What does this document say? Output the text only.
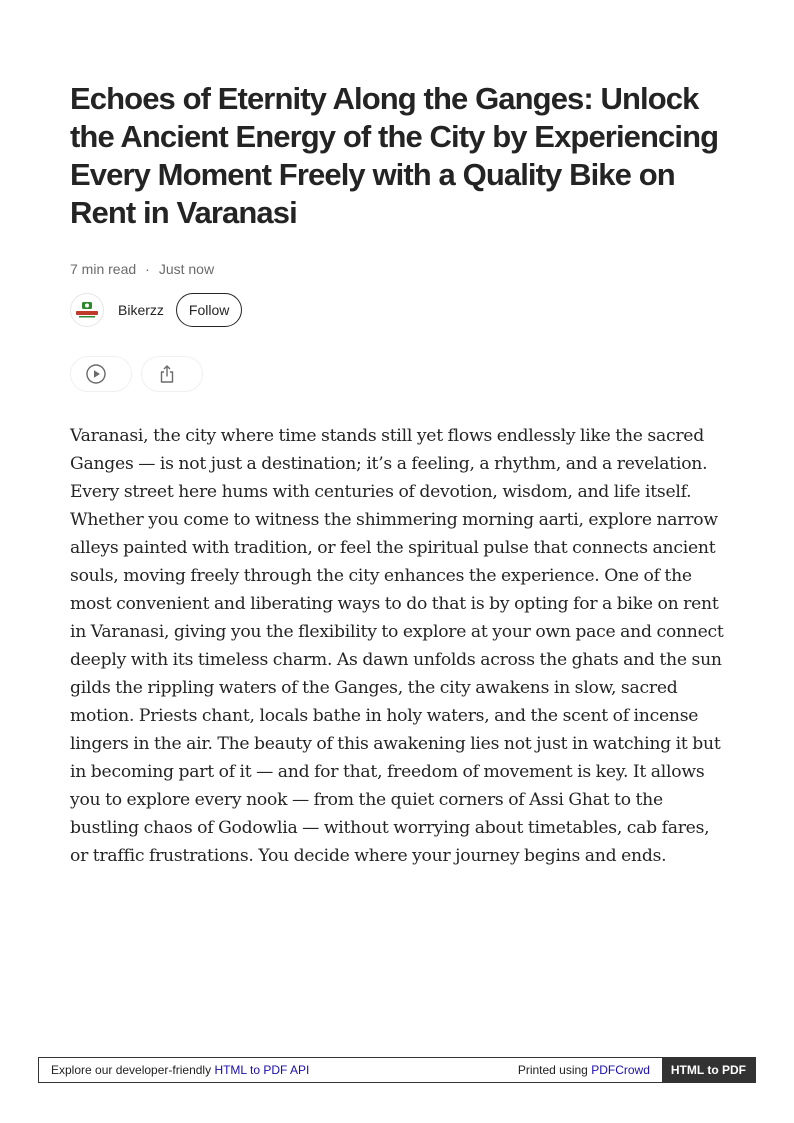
Echoes of Eternity Along the Ganges: Unlock the Ancient Energy of the City by Experiencing Every Moment Freely with a Quality Bike on Rent in Varanasi
7 min read · Just now
Bikerzz	Follow

Varanasi, the city where time stands still yet flows endlessly like the sacred Ganges — is not just a destination; it’s a feeling, a rhythm, and a revelation. Every street here hums with centuries of devotion, wisdom, and life itself. Whether you come to witness the shimmering morning aarti, explore narrow alleys painted with tradition, or feel the spiritual pulse that connects ancient souls, moving freely through the city enhances the experience. One of the most convenient and liberating ways to do that is by opting for a bike on rent in Varanasi, giving you the flexibility to explore at your own pace and connect deeply with its timeless charm. As dawn unfolds across the ghats and the sun gilds the rippling waters of the Ganges, the city awakens in slow, sacred motion. Priests chant, locals bathe in holy waters, and the scent of incense lingers in the air. The beauty of this awakening lies not just in watching it but in becoming part of it — and for that, freedom of movement is key. It allows you to explore every nook — from the quiet corners of Assi Ghat to the bustling chaos of Godowlia — without worrying about timetables, cab fares, or traffic frustrations. You decide where your journey begins and ends.

Explore our developer-friendly HTML to PDF API	Printed using PDFCrowd	HTML to PDF
